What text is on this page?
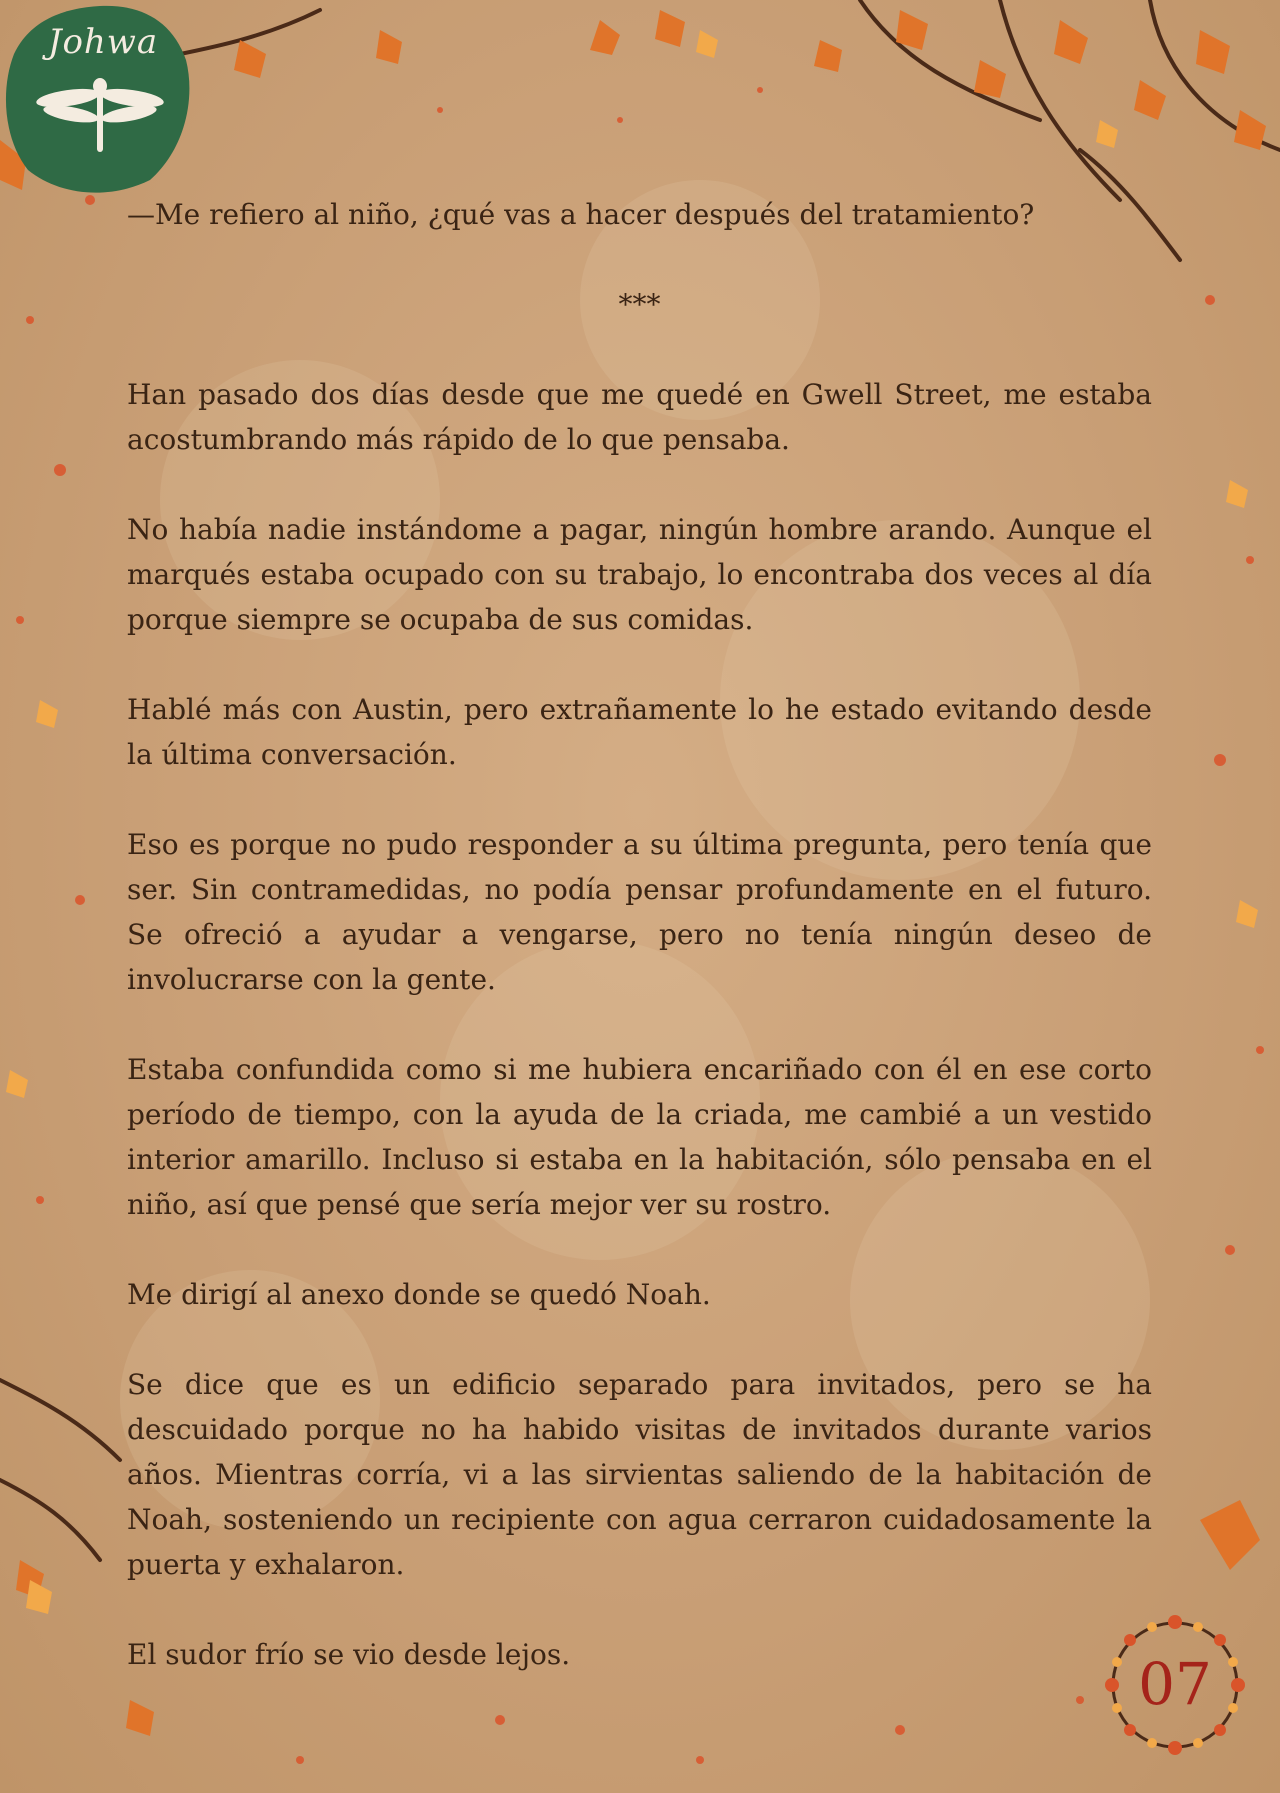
Johwa

—Me refiero al niño, ¿qué vas a hacer después del tratamiento?

***

Han pasado dos días desde que me quedé en Gwell Street, me estaba acostumbrando más rápido de lo que pensaba.

No había nadie instándome a pagar, ningún hombre arando. Aunque el marqués estaba ocupado con su trabajo, lo encontraba dos veces al día porque siempre se ocupaba de sus comidas.

Hablé más con Austin, pero extrañamente lo he estado evitando desde la última conversación.

Eso es porque no pudo responder a su última pregunta, pero tenía que ser. Sin contramedidas, no podía pensar profundamente en el futuro. Se ofreció a ayudar a vengarse, pero no tenía ningún deseo de involucrarse con la gente.

Estaba confundida como si me hubiera encariñado con él en ese corto período de tiempo, con la ayuda de la criada, me cambié a un vestido interior amarillo. Incluso si estaba en la habitación, sólo pensaba en el niño, así que pensé que sería mejor ver su rostro.

Me dirigí al anexo donde se quedó Noah.

Se dice que es un edificio separado para invitados, pero se ha descuidado porque no ha habido visitas de invitados durante varios años. Mientras corría, vi a las sirvientas saliendo de la habitación de Noah, sosteniendo un recipiente con agua cerraron cuidadosamente la puerta y exhalaron.

El sudor frío se vio desde lejos.	07
